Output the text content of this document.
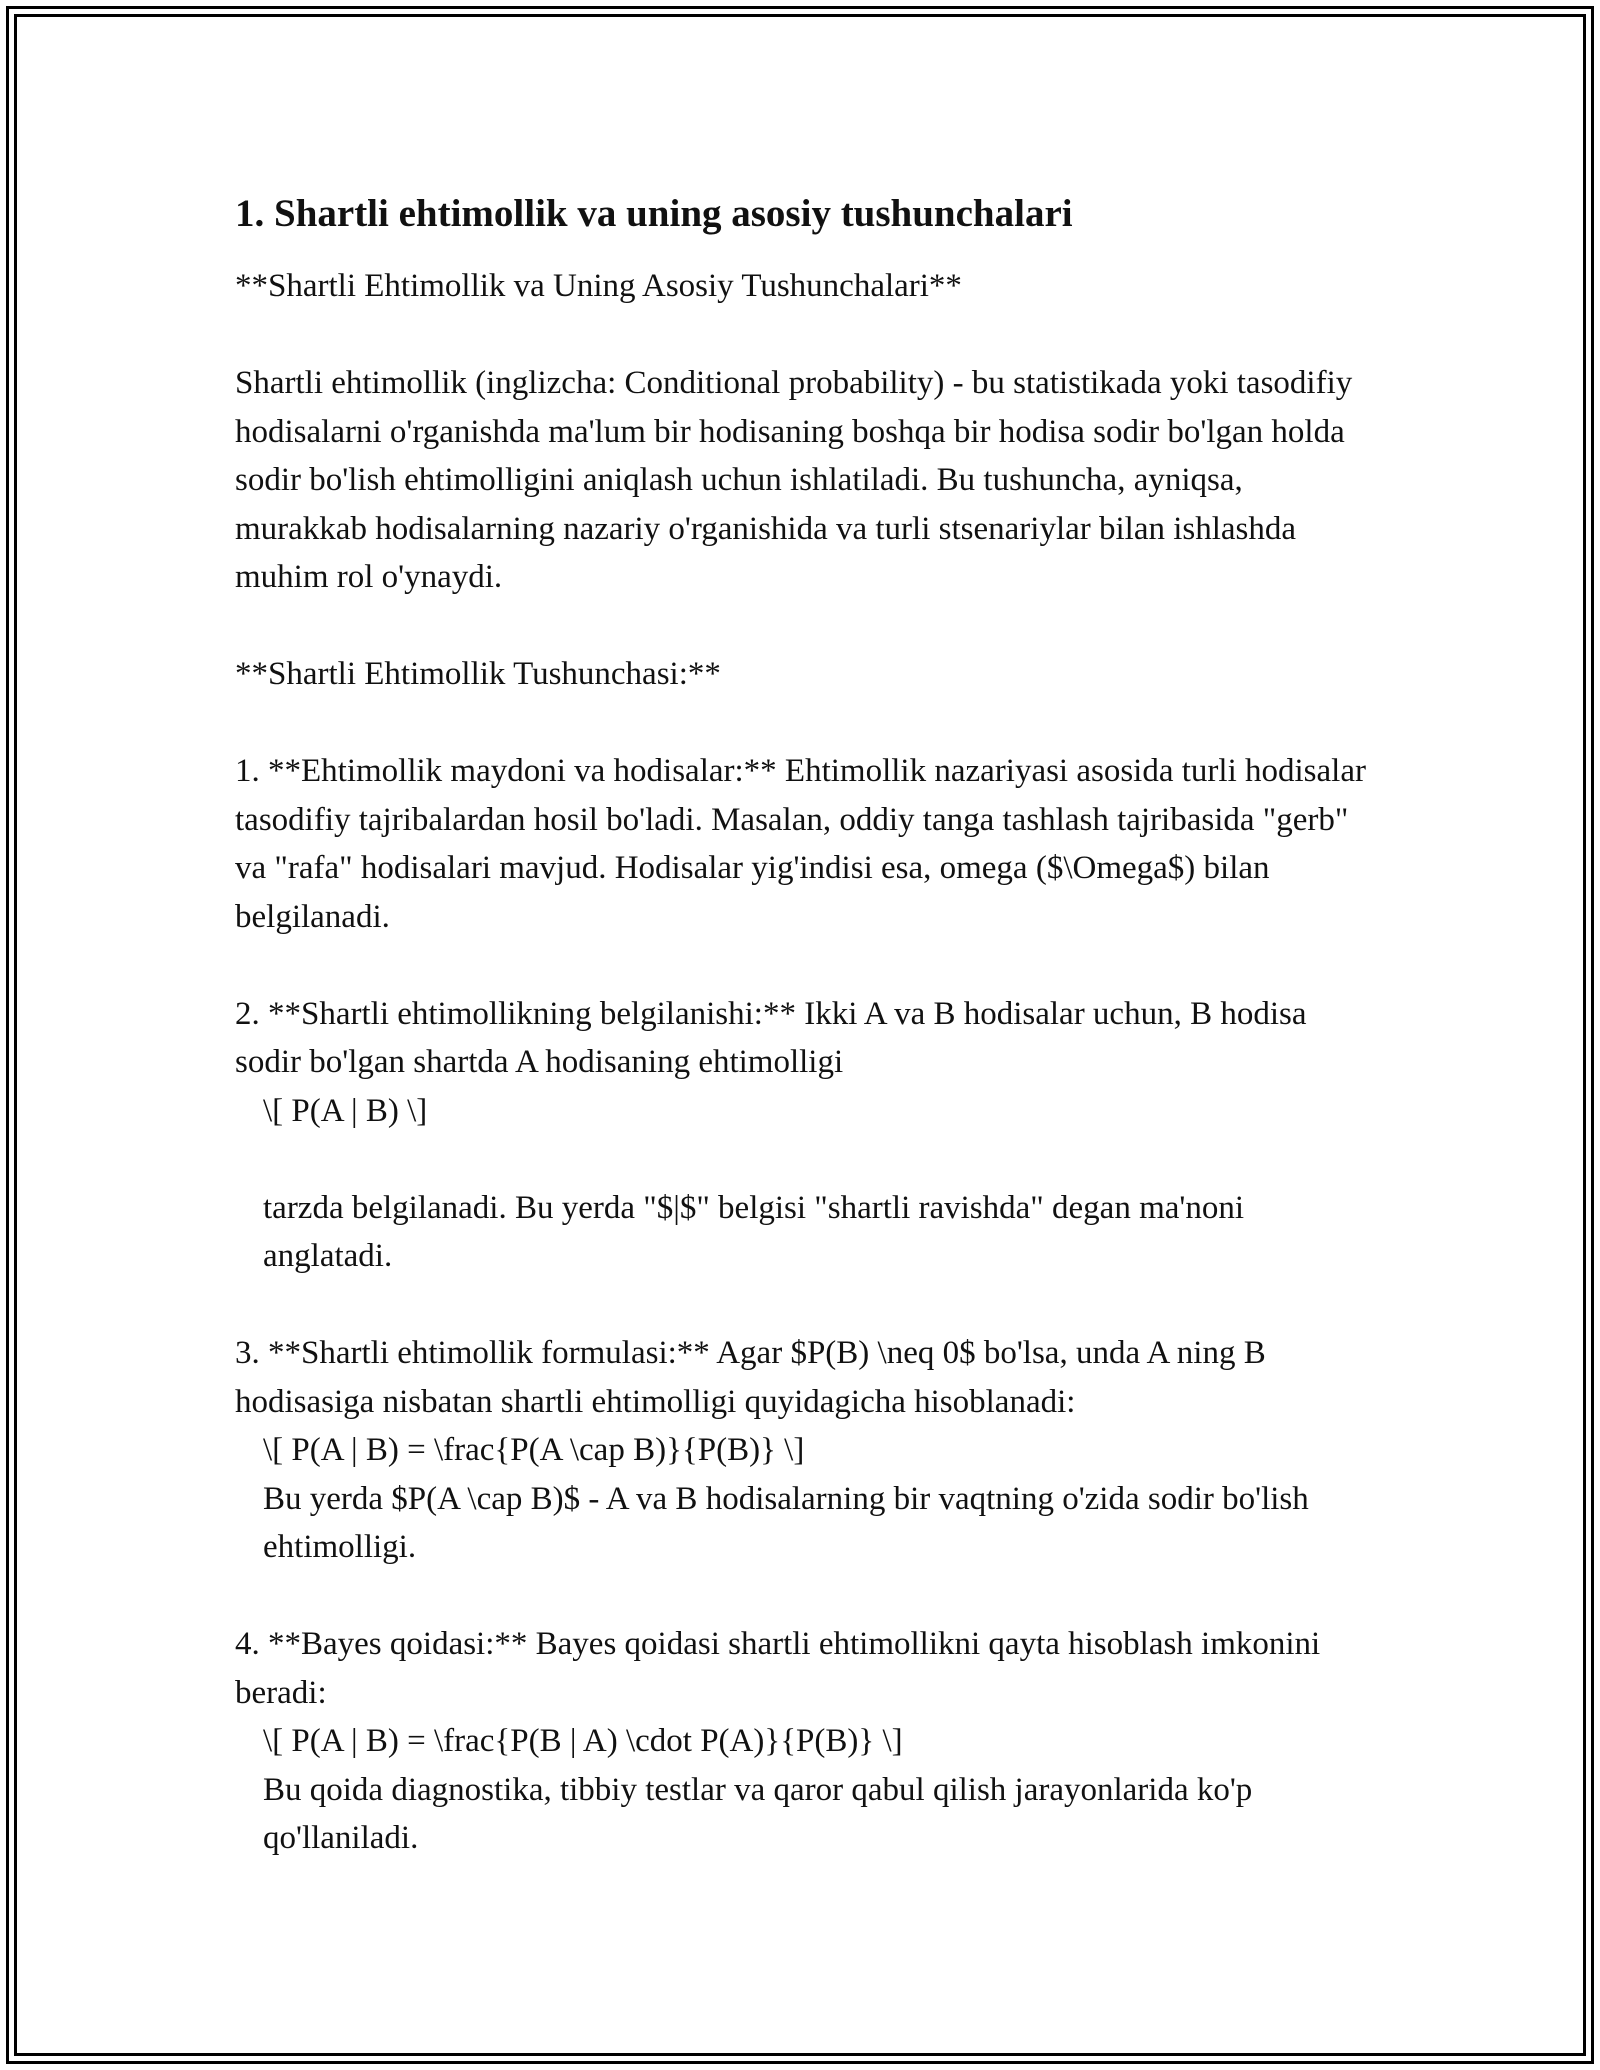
1. Shartli ehtimollik va uning asosiy tushunchalari

**Shartli Ehtimollik va Uning Asosiy Tushunchalari**

Shartli ehtimollik (inglizcha: Conditional probability) - bu statistikada yoki tasodifiy hodisalarni o'rganishda ma'lum bir hodisaning boshqa bir hodisa sodir bo'lgan holda sodir bo'lish ehtimolligini aniqlash uchun ishlatiladi. Bu tushuncha, ayniqsa, murakkab hodisalarning nazariy o'rganishida va turli stsenariylar bilan ishlashda muhim rol o'ynaydi.

**Shartli Ehtimollik Tushunchasi:**

1. **Ehtimollik maydoni va hodisalar:** Ehtimollik nazariyasi asosida turli hodisalar tasodifiy tajribalardan hosil bo'ladi. Masalan, oddiy tanga tashlash tajribasida "gerb" va "rafa" hodisalari mavjud. Hodisalar yig'indisi esa, omega ($\Omega$) bilan belgilanadi.

2. **Shartli ehtimollikning belgilanishi:** Ikki A va B hodisalar uchun, B hodisa sodir bo'lgan shartda A hodisaning ehtimolligi

\[ P(A | B) \]

tarzda belgilanadi. Bu yerda "$|$" belgisi "shartli ravishda" degan ma'noni anglatadi.

3. **Shartli ehtimollik formulasi:** Agar $P(B) \neq 0$ bo'lsa, unda A ning B hodisasiga nisbatan shartli ehtimolligi quyidagicha hisoblanadi:

\[ P(A | B) = \frac{P(A \cap B)}{P(B)} \]

Bu yerda $P(A \cap B)$ - A va B hodisalarning bir vaqtning o'zida sodir bo'lish ehtimolligi.

4. **Bayes qoidasi:** Bayes qoidasi shartli ehtimollikni qayta hisoblash imkonini beradi:

\[ P(A | B) = \frac{P(B | A) \cdot P(A)}{P(B)} \]

Bu qoida diagnostika, tibbiy testlar va qaror qabul qilish jarayonlarida ko'p qo'llaniladi.
